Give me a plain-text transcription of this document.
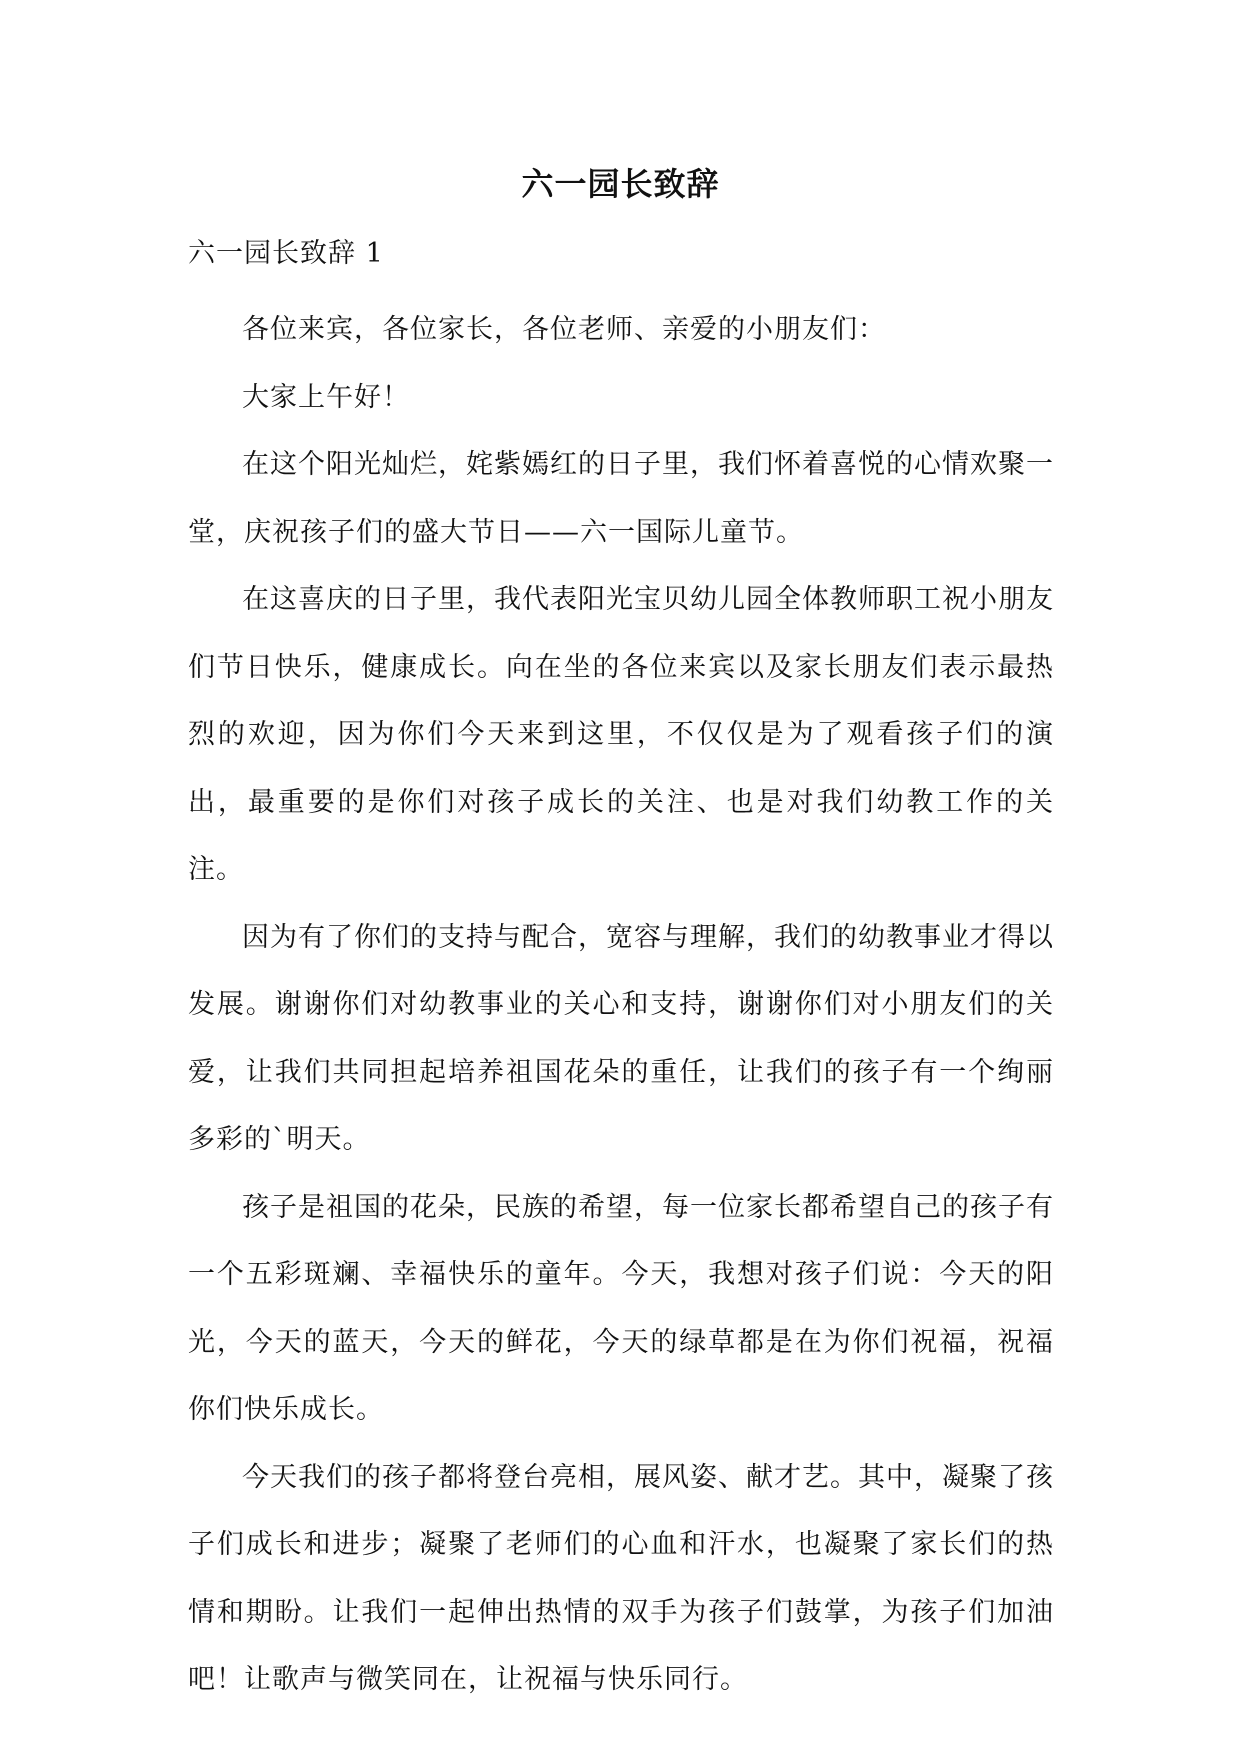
六一园长致辞
六一园长致辞 1

各位来宾，各位家长，各位老师、亲爱的小朋友们：

大家上午好！

在这个阳光灿烂，姹紫嫣红的日子里，我们怀着喜悦的心情欢聚一堂，庆祝孩子们的盛大节日——六一国际儿童节。

在这喜庆的日子里，我代表阳光宝贝幼儿园全体教师职工祝小朋友们节日快乐，健康成长。向在坐的各位来宾以及家长朋友们表示最热烈的欢迎，因为你们今天来到这里，不仅仅是为了观看孩子们的演出，最重要的是你们对孩子成长的关注、也是对我们幼教工作的关注。

因为有了你们的支持与配合，宽容与理解，我们的幼教事业才得以发展。谢谢你们对幼教事业的关心和支持，谢谢你们对小朋友们的关爱，让我们共同担起培养祖国花朵的重任，让我们的孩子有一个绚丽多彩的`明天。

孩子是祖国的花朵，民族的希望，每一位家长都希望自己的孩子有一个五彩斑斓、幸福快乐的童年。今天，我想对孩子们说：今天的阳光，今天的蓝天，今天的鲜花，今天的绿草都是在为你们祝福，祝福你们快乐成长。

今天我们的孩子都将登台亮相，展风姿、献才艺。其中，凝聚了孩子们成长和进步；凝聚了老师们的心血和汗水，也凝聚了家长们的热情和期盼。让我们一起伸出热情的双手为孩子们鼓掌，为孩子们加油吧！让歌声与微笑同在，让祝福与快乐同行。
